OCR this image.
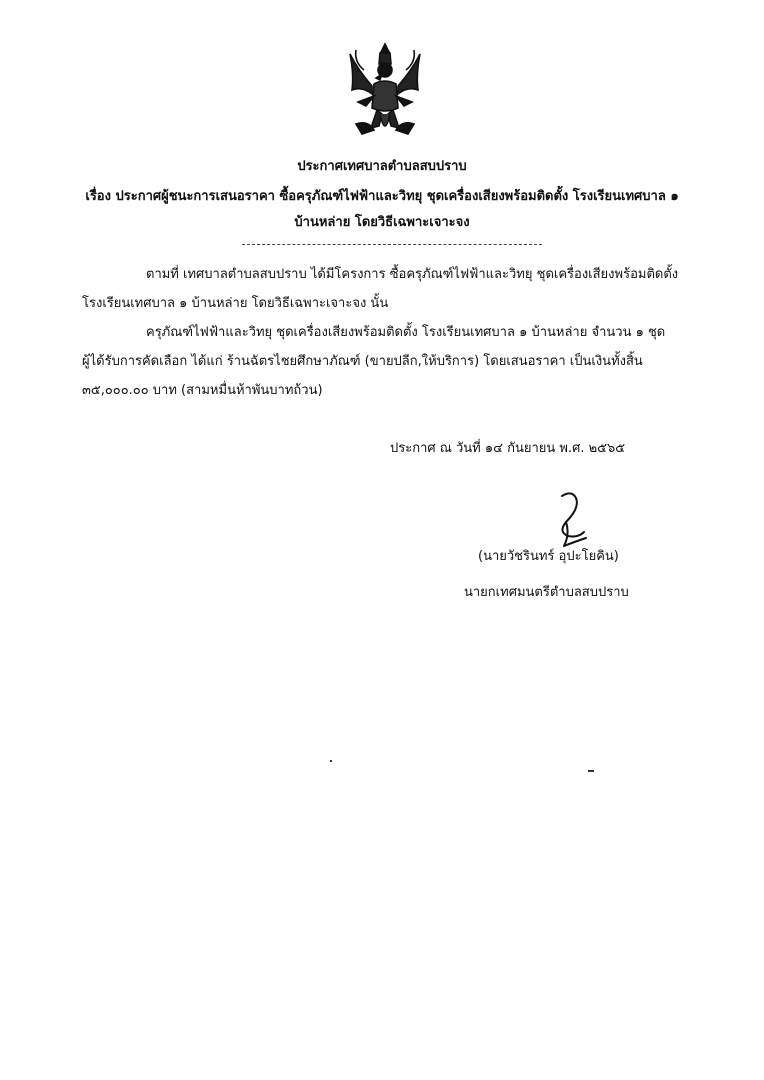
ประกาศเทศบาลตำบลสบปราบ
เรื่อง ประกาศผู้ชนะการเสนอราคา ซื้อครุภัณฑ์ไฟฟ้าและวิทยุ ชุดเครื่องเสียงพร้อมติดตั้ง โรงเรียนเทศบาล ๑
บ้านหล่าย โดยวิธีเฉพาะเจาะจง
ตามที่ เทศบาลตำบลสบปราบ ได้มีโครงการ ซื้อครุภัณฑ์ไฟฟ้าและวิทยุ ชุดเครื่องเสียงพร้อมติดตั้ง
โรงเรียนเทศบาล ๑ บ้านหล่าย โดยวิธีเฉพาะเจาะจง นั้น
ครุภัณฑ์ไฟฟ้าและวิทยุ ชุดเครื่องเสียงพร้อมติดตั้ง โรงเรียนเทศบาล ๑ บ้านหล่าย จำนวน ๑ ชุด
ผู้ได้รับการคัดเลือก ได้แก่ ร้านฉัตรไชยศึกษาภัณฑ์ (ขายปลีก,ให้บริการ) โดยเสนอราคา เป็นเงินทั้งสิ้น
๓๕,๐๐๐.๐๐ บาท (สามหมื่นห้าพันบาทถ้วน)
ประกาศ ณ วันที่ ๑๔ กันยายน พ.ศ. ๒๕๖๕
(นายวัชรินทร์ อุปะโยคิน)
นายกเทศมนตรีตำบลสบปราบ
